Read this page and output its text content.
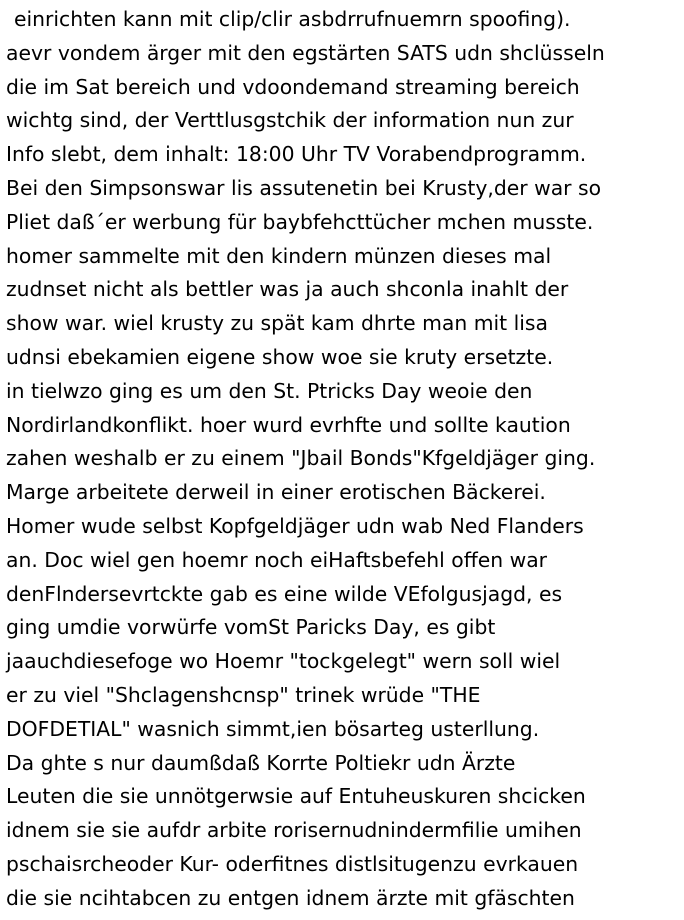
einrichten kann mit clip/clir asbdrrufnuemrn spoofing).
aevr vondem ärger mit den egstärten SATS udn shclüsseln
die im Sat bereich und vdoondemand streaming bereich
wichtg sind, der Verttlusgstchik der information nun zur
Info slebt, dem inhalt: 18:00 Uhr TV Vorabendprogramm.
Bei den Simpsonswar lis assutenetin bei Krusty,der war so
Pliet daß´er werbung für baybfehcttücher mchen musste.
homer sammelte mit den kindern münzen dieses mal
zudnset nicht als bettler was ja auch shconla inahlt der
show war. wiel krusty zu spät kam dhrte man mit lisa
udnsi ebekamien eigene show woe sie kruty ersetzte.
in tielwzo ging es um den St. Ptricks Day weoie den
Nordirlandkonflikt. hoer wurd evrhfte und sollte kaution
zahen weshalb er zu einem "Jbail Bonds"Kfgeldjäger ging.
Marge arbeitete derweil in einer erotischen Bäckerei.
Homer wude selbst Kopfgeldjäger udn wab Ned Flanders
an. Doc wiel gen hoemr noch eiHaftsbefehl offen war
denFlndersevrtckte gab es eine wilde VEfolgusjagd, es
ging umdie vorwürfe vomSt Paricks Day, es gibt
jaauchdiesefoge wo Hoemr "tockgelegt" wern soll wiel
er zu viel "Shclagenshcnsp" trinek wrüde "THE
DOFDETIAL" wasnich simmt,ien bösarteg usterllung.
Da ghte s nur daumßdaß Korrte Poltiekr udn Ärzte
Leuten die sie unnötgerwsie auf Entuheuskuren shcicken
idnem sie sie aufdr arbite rorisernudnindermfilie umihen
pschaisrcheoder Kur- oderfitnes distlsitugenzu evrkauen
die sie ncihtabcen zu entgen idnem ärzte mit gfäschten
